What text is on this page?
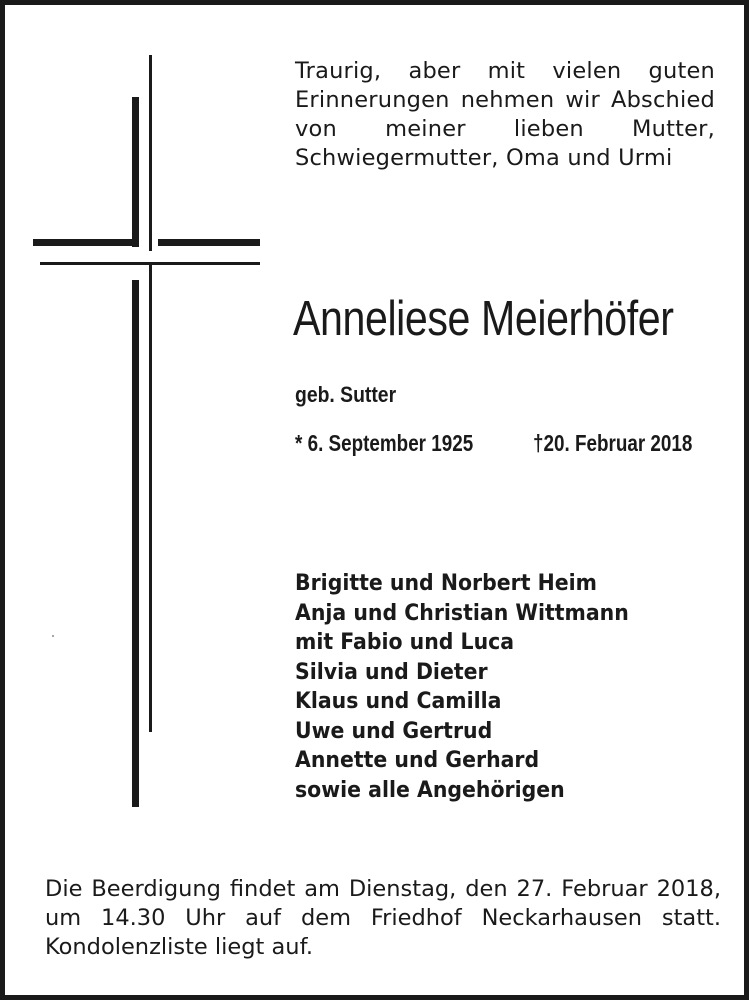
Traurig, aber mit vielen guten
Erinnerungen nehmen wir Abschied
von meiner lieben Mutter,
Schwiegermutter, Oma und Urmi
Anneliese Meierhöfer
geb. Sutter
* 6. September 1925	†20. Februar 2018
Brigitte und Norbert Heim
Anja und Christian Wittmann
mit Fabio und Luca
Silvia und Dieter
Klaus und Camilla
Uwe und Gertrud
Annette und Gerhard
sowie alle Angehörigen
Die Beerdigung findet am Dienstag, den 27. Februar 2018,
um 14.30 Uhr auf dem Friedhof Neckarhausen statt.
Kondolenzliste liegt auf.
